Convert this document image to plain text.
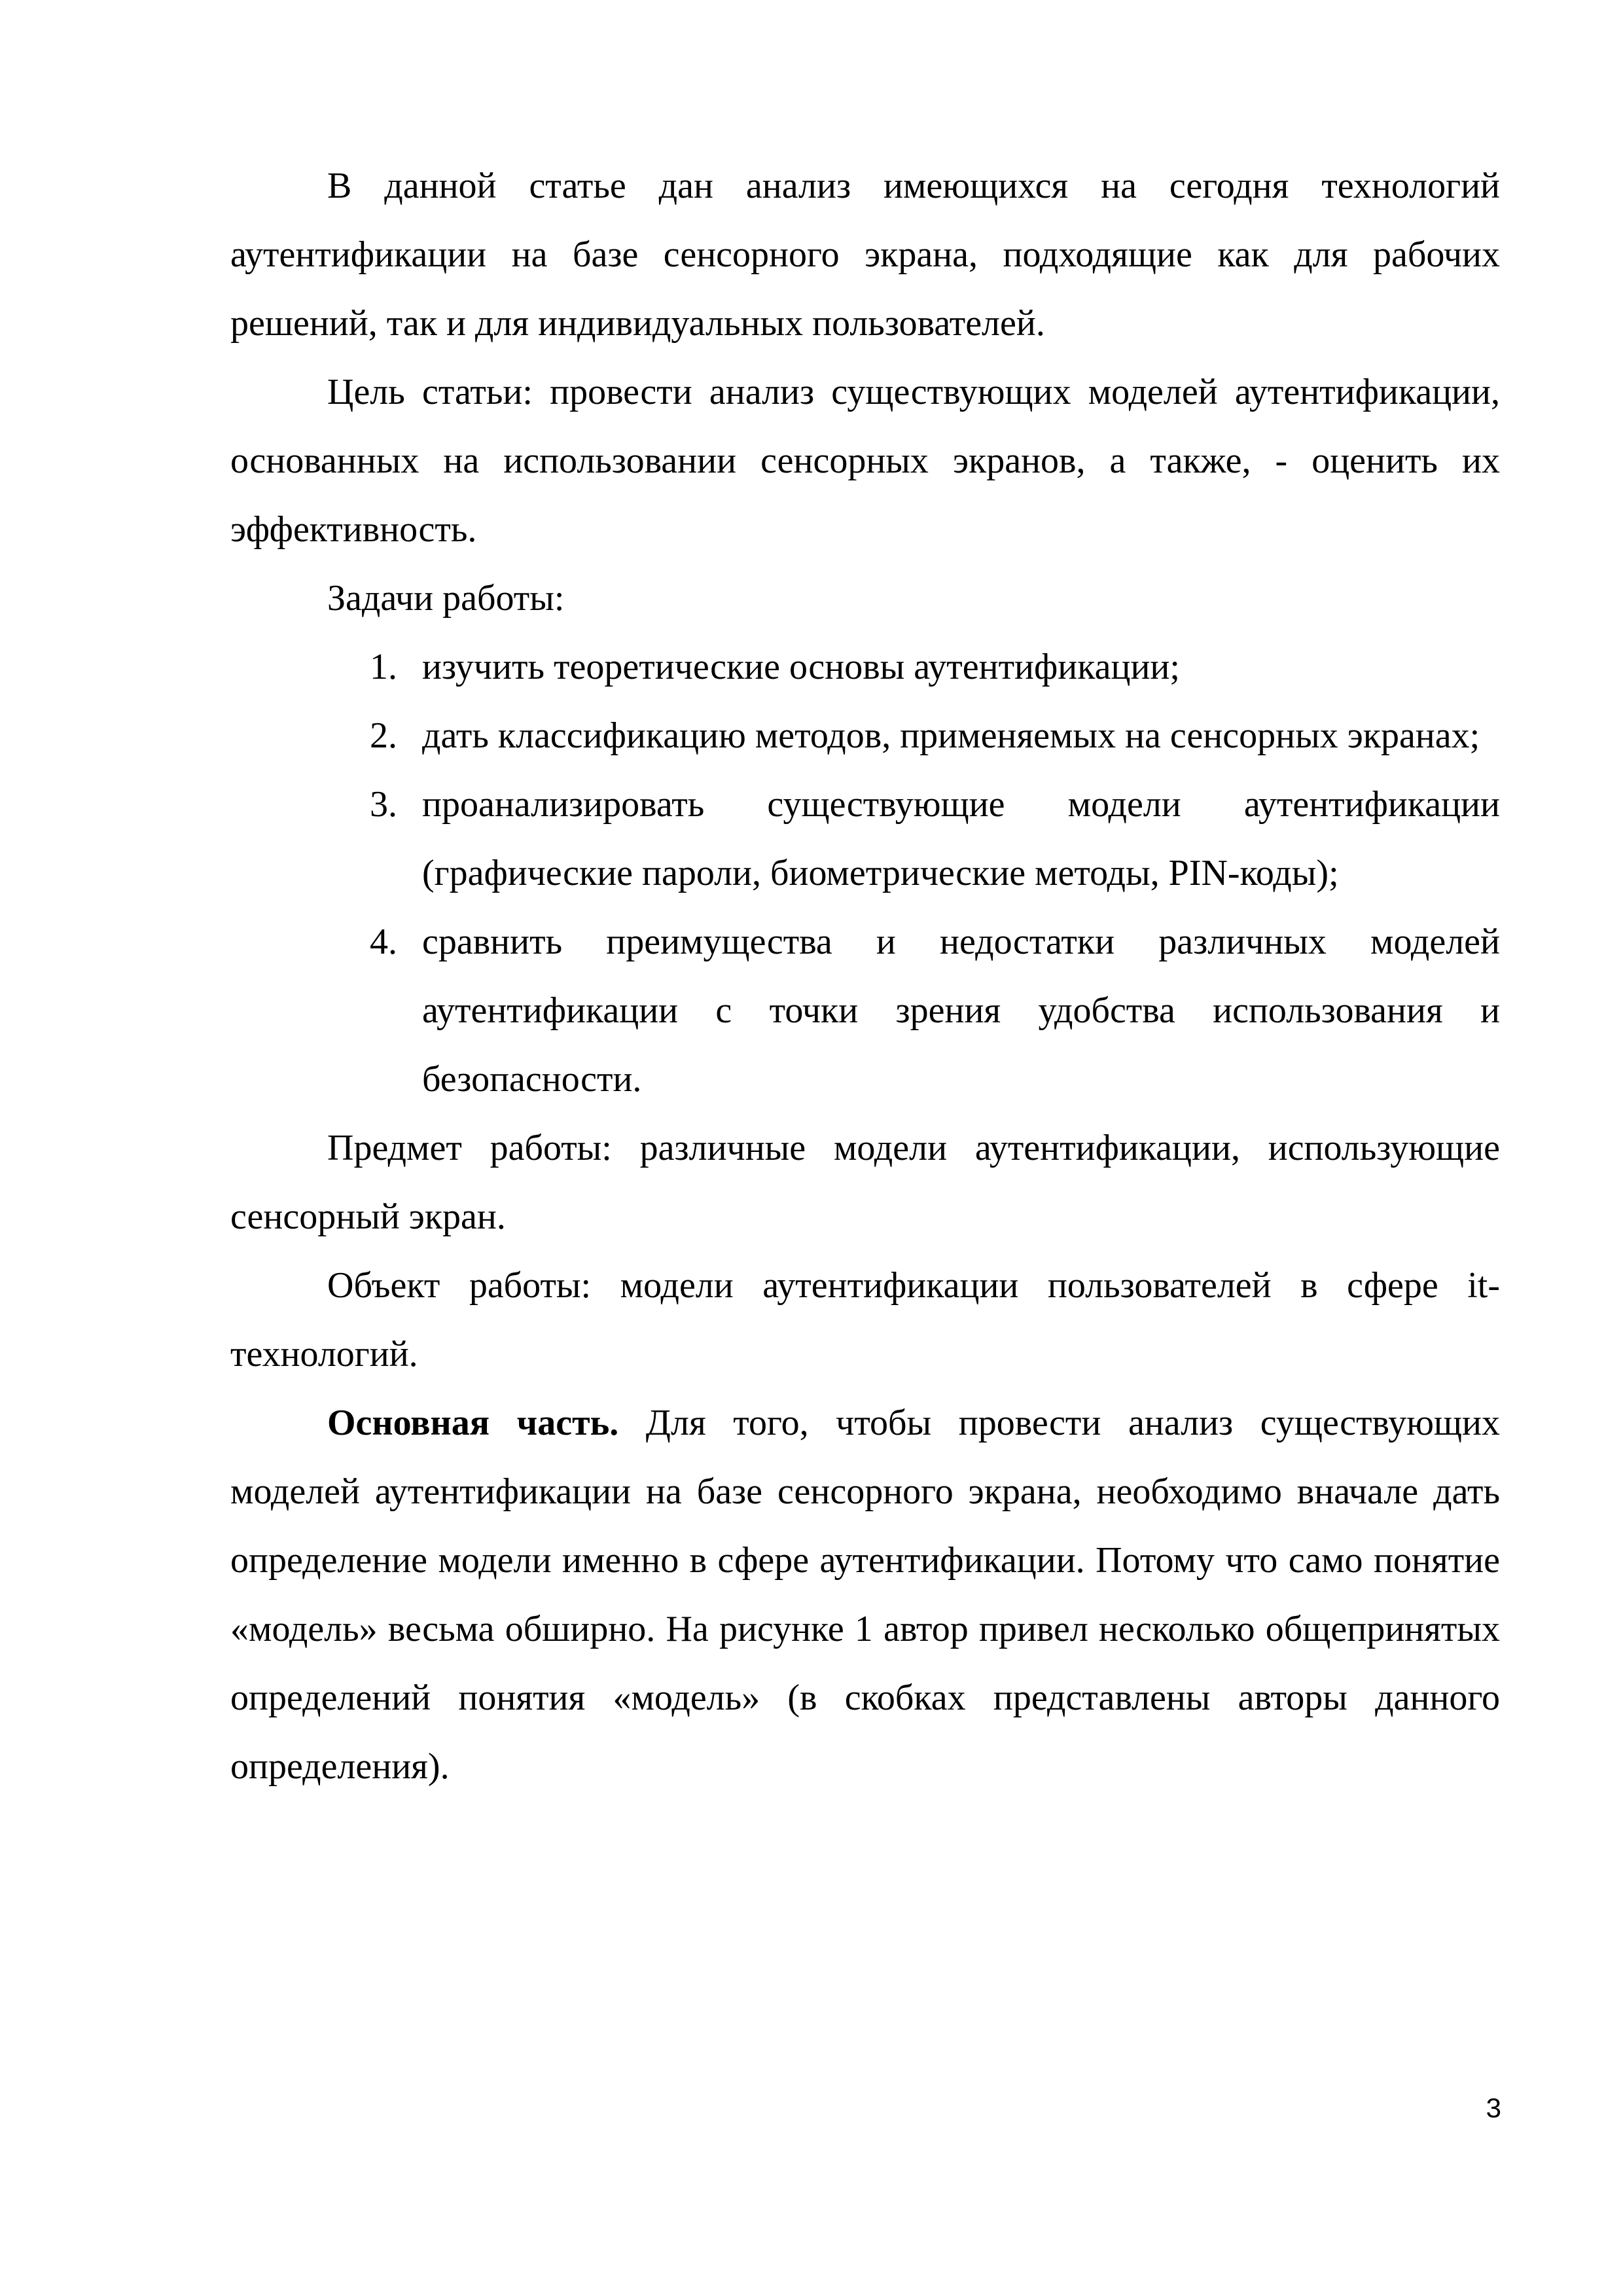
В данной статье дан анализ имеющихся на сегодня технологий аутентификации на базе сенсорного экрана, подходящие как для рабочих решений, так и для индивидуальных пользователей.

Цель статьи: провести анализ существующих моделей аутентификации, основанных на использовании сенсорных экранов, а также, - оценить их эффективность.

Задачи работы:

изучить теоретические основы аутентификации;
дать классификацию методов, применяемых на сенсорных экранах;
проанализировать существующие модели аутентификации (графические пароли, биометрические методы, PIN-коды);
сравнить преимущества и недостатки различных моделей аутентификации с точки зрения удобства использования и безопасности.

Предмет работы: различные модели аутентификации, использующие сенсорный экран.

Объект работы: модели аутентификации пользователей в сфере it-технологий.

Основная часть. Для того, чтобы провести анализ существующих моделей аутентификации на базе сенсорного экрана, необходимо вначале дать определение модели именно в сфере аутентификации. Потому что само понятие «модель» весьма обширно. На рисунке 1 автор привел несколько общепринятых определений понятия «модель» (в скобках представлены авторы данного определения).

3
